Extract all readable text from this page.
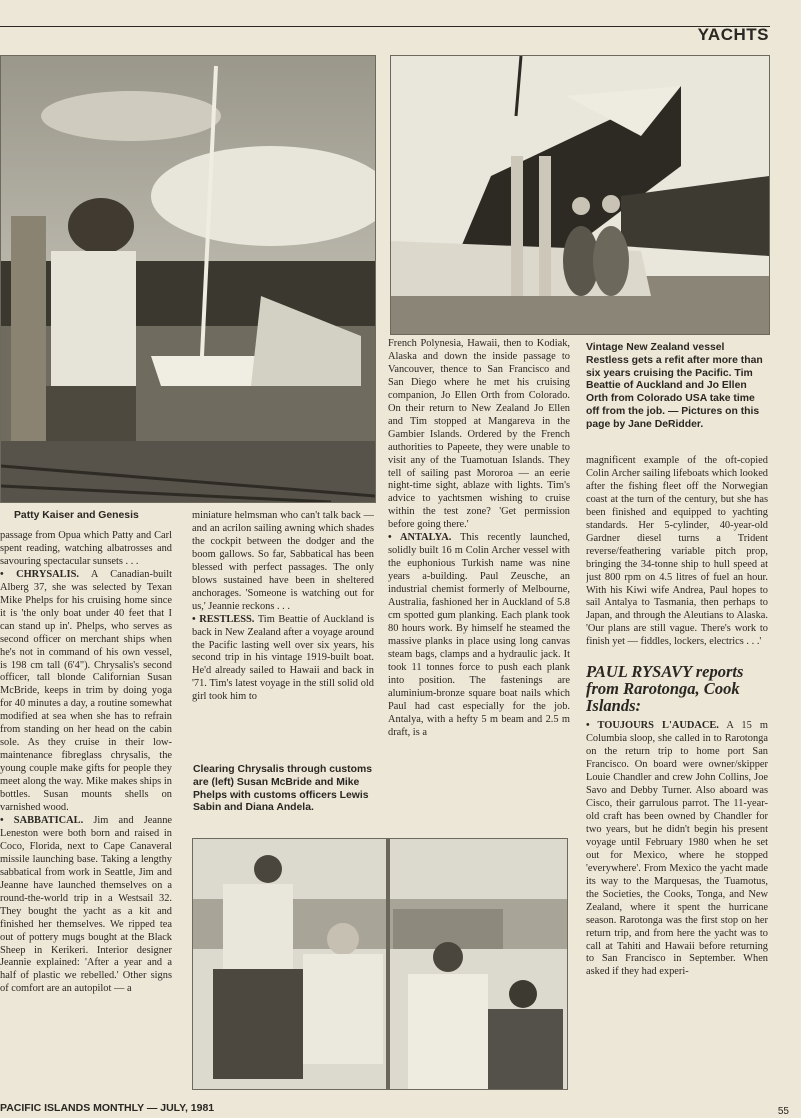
YACHTS
Patty Kaiser and Genesis
Vintage New Zealand vessel Restless gets a refit after more than six years cruising the Pacific. Tim Beattie of Auckland and Jo Ellen Orth from Colorado USA take time off from the job. — Pictures on this page by Jane DeRidder.
Clearing Chrysalis through customs are (left) Susan McBride and Mike Phelps with customs officers Lewis Sabin and Diana Andela.

passage from Opua which Patty and Carl spent reading, watching albatrosses and savouring spectacular sunsets . . .

• CHRYSALIS. A Canadian-built Alberg 37, she was selected by Texan Mike Phelps for his cruising home since it is 'the only boat under 40 feet that I can stand up in'. Phelps, who serves as second officer on merchant ships when he's not in command of his own vessel, is 198 cm tall (6'4"). Chrysalis's second officer, tall blonde Californian Susan McBride, keeps in trim by doing yoga for 40 minutes a day, a routine somewhat modified at sea when she has to refrain from standing on her head on the cabin sole. As they cruise in their low-maintenance fibreglass chrysalis, the young couple make gifts for people they meet along the way. Mike makes ships in bottles. Susan mounts shells on varnished wood.

• SABBATICAL. Jim and Jeanne Leneston were both born and raised in Coco, Florida, next to Cape Canaveral missile launching base. Taking a lengthy sabbatical from work in Seattle, Jim and Jeanne have launched themselves on a round-the-world trip in a Westsail 32. They bought the yacht as a kit and finished her themselves. We ripped tea out of pottery mugs bought at the Black Sheep in Kerikeri. Interior designer Jeannie explained: 'After a year and a half of plastic we rebelled.' Other signs of comfort are an autopilot — a

miniature helmsman who can't talk back — and an acrilon sailing awning which shades the cockpit between the dodger and the boom gallows. So far, Sabbatical has been blessed with perfect passages. The only blows sustained have been in sheltered anchorages. 'Someone is watching out for us,' Jeannie reckons . . .

• RESTLESS. Tim Beattie of Auckland is back in New Zealand after a voyage around the Pacific lasting well over six years, his second trip in his vintage 1919-built boat. He'd already sailed to Hawaii and back in '71. Tim's latest voyage in the still solid old girl took him to

French Polynesia, Hawaii, then to Kodiak, Alaska and down the inside passage to Vancouver, thence to San Francisco and San Diego where he met his cruising companion, Jo Ellen Orth from Colorado. On their return to New Zealand Jo Ellen and Tim stopped at Mangareva in the Gambier Islands. Ordered by the French authorities to Papeete, they were unable to visit any of the Tuamotuan Islands. They tell of sailing past Mororoa — an eerie night-time sight, ablaze with lights. Tim's advice to yachtsmen wishing to cruise within the test zone? 'Get permission before going there.'

• ANTALYA. This recently launched, solidly built 16 m Colin Archer vessel with the euphonious Turkish name was nine years a-building. Paul Zeusche, an industrial chemist formerly of Melbourne, Australia, fashioned her in Auckland of 5.8 cm spotted gum planking. Each plank took 80 hours work. By himself he steamed the massive planks in place using long canvas steam bags, clamps and a hydraulic jack. It took 11 tonnes force to push each plank into position. The fastenings are aluminium-bronze square boat nails which Paul had cast especially for the job. Antalya, with a hefty 5 m beam and 2.5 m draft, is a

magnificent example of the oft-copied Colin Archer sailing lifeboats which looked after the fishing fleet off the Norwegian coast at the turn of the century, but she has been finished and equipped to yachting standards. Her 5-cylinder, 40-year-old Gardner diesel turns a Trident reverse/feathering variable pitch prop, bringing the 34-tonne ship to hull speed at just 800 rpm on 4.5 litres of fuel an hour. With his Kiwi wife Andrea, Paul hopes to sail Antalya to Tasmania, then perhaps to Japan, and through the Aleutians to Alaska. 'Our plans are still vague. There's work to finish yet — fiddles, lockers, electrics . . .'

PAUL RYSAVY reports from Rarotonga, Cook Islands:

• TOUJOURS L'AUDACE. A 15 m Columbia sloop, she called in to Rarotonga on the return trip to home port San Francisco. On board were owner/skipper Louie Chandler and crew John Collins, Joe Savo and Debby Turner. Also aboard was Cisco, their garrulous parrot. The 11-year-old craft has been owned by Chandler for two years, but he didn't begin his present voyage until February 1980 when he set out for Mexico, where he stopped 'everywhere'. From Mexico the yacht made its way to the Marquesas, the Tuamotus, the Societies, the Cooks, Tonga, and New Zealand, where it spent the hurricane season. Rarotonga was the first stop on her return trip, and from here the yacht was to call at Tahiti and Hawaii before returning to San Francisco in September. When asked if they had experi-

PACIFIC ISLANDS MONTHLY — JULY, 1981	55
